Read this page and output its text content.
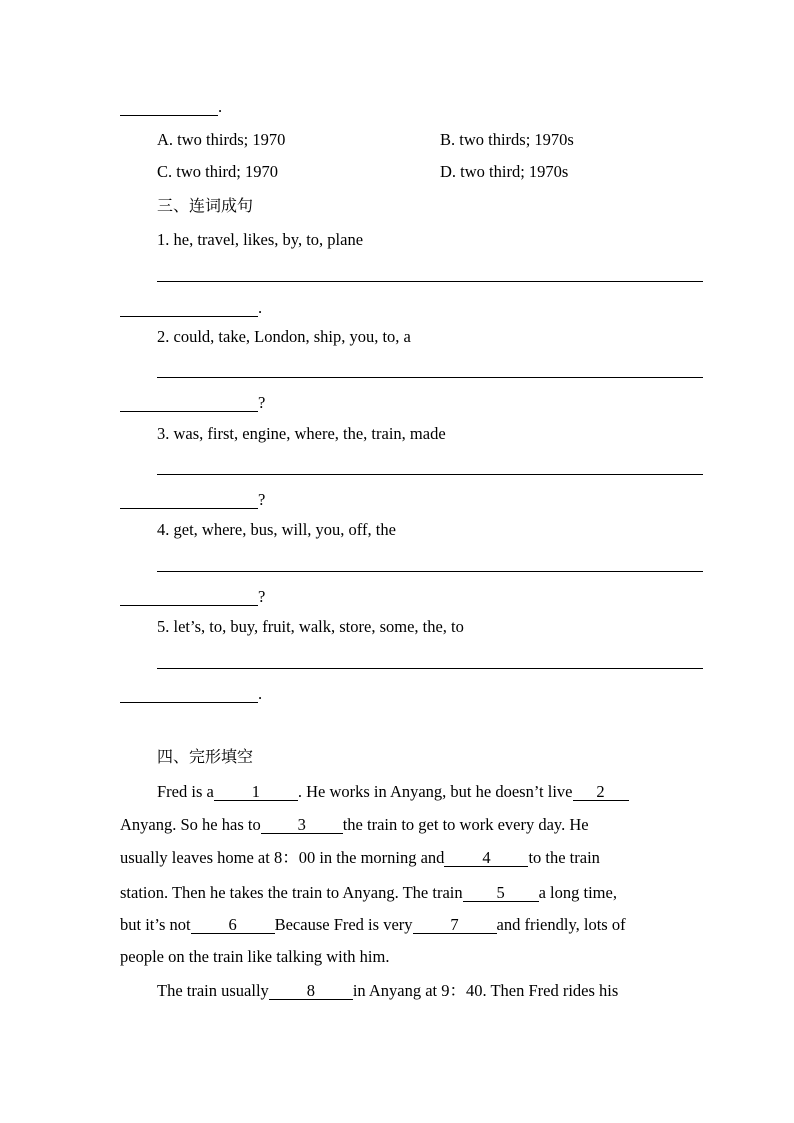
.
A. two thirds; 1970	B. two thirds; 1970s
C. two third; 1970	D. two third; 1970s
三、连词成句
1. he, travel, likes, by, to, plane
.
2. could, take, London, ship, you, to, a
?
3. was, first, engine, where, the, train, made
?
4. get, where, bus, will, you, off, the
?
5. let’s, to, buy, fruit, walk, store, some, the, to
.
四、完形填空
Fred is a 1 . He works in Anyang, but he doesn’t live 2
Anyang. So he has to 3 the train to get to work every day. He
usually leaves home at 8：00 in the morning and 4 to the train
station. Then he takes the train to Anyang. The train 5 a long time,
but it’s not 6 Because Fred is very 7 and friendly, lots of
people on the train like talking with him.
The train usually 8 in Anyang at 9：40. Then Fred rides his
